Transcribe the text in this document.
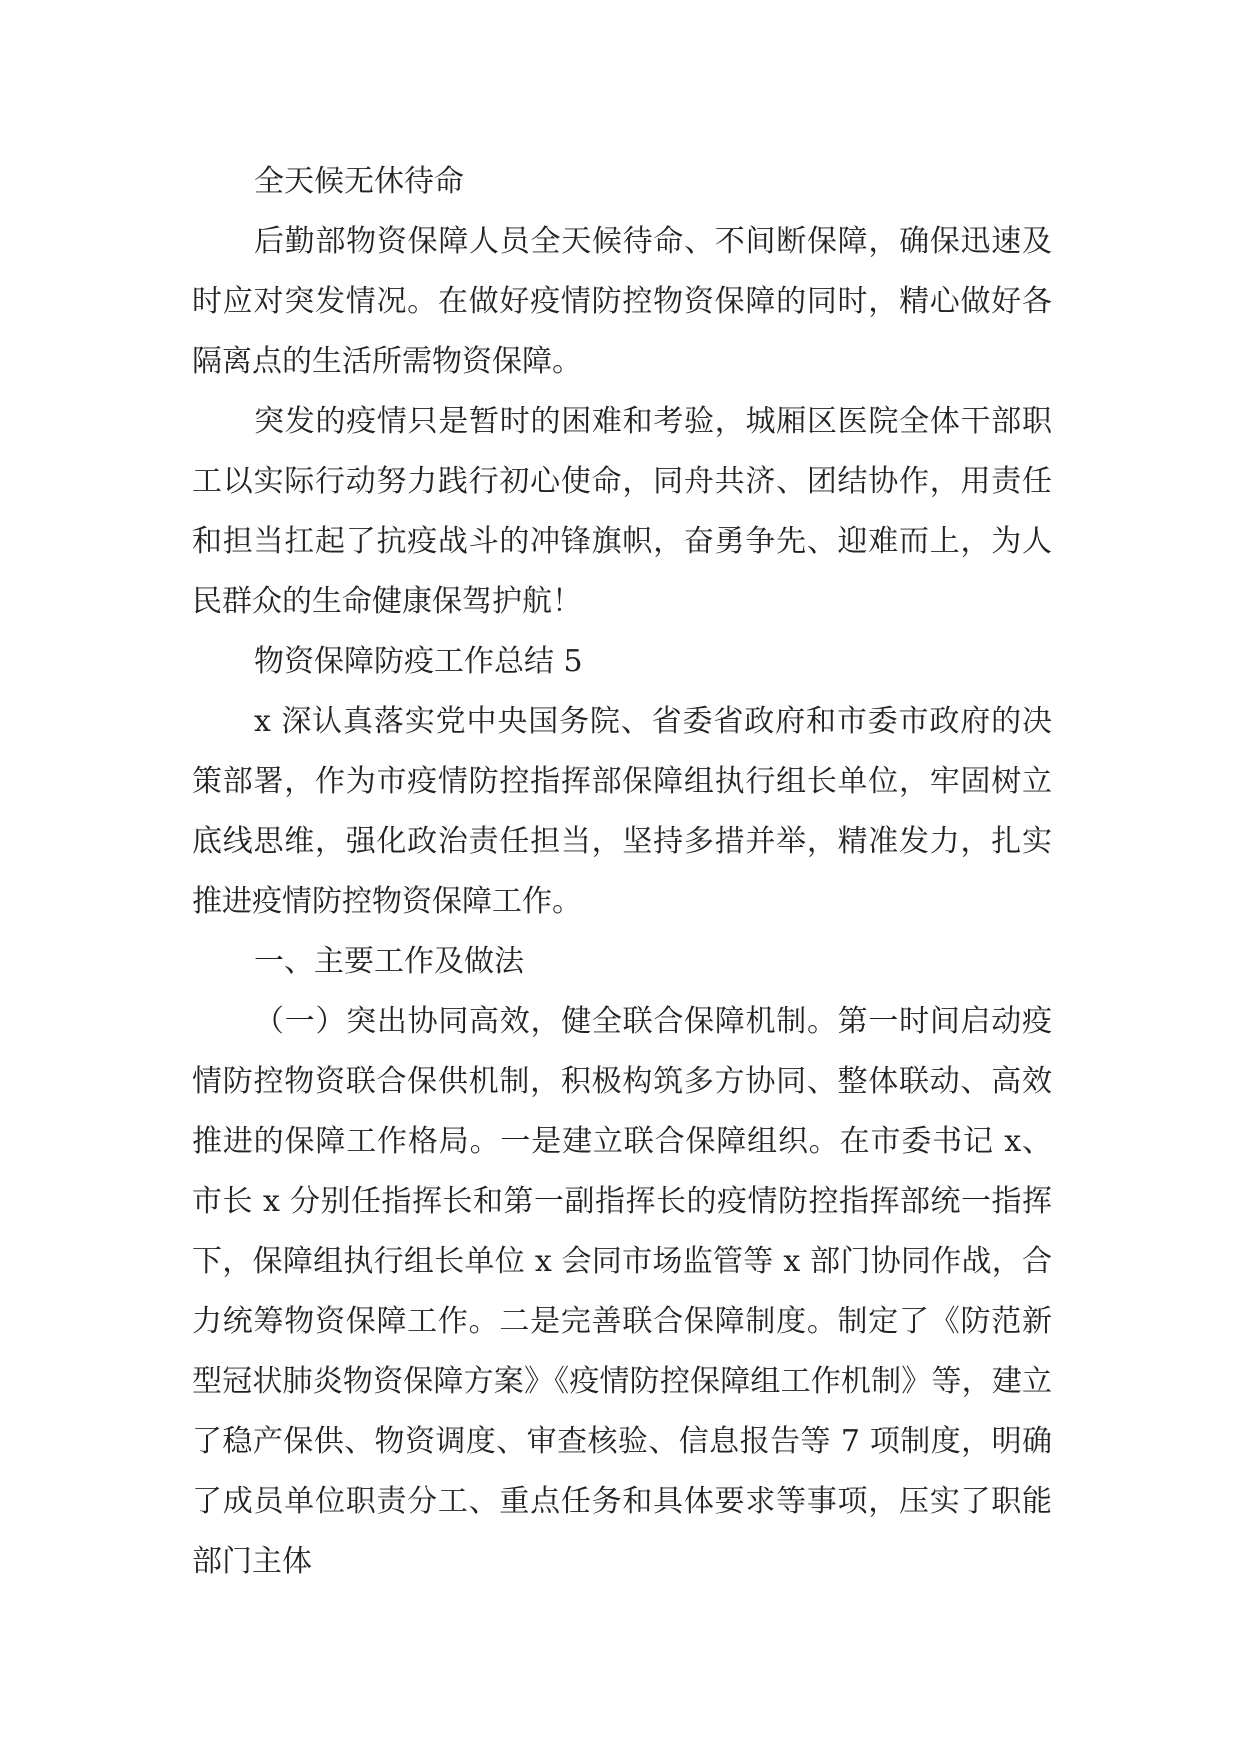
全天候无休待命

后勤部物资保障人员全天候待命、不间断保障，确保迅速及时应对突发情况。在做好疫情防控物资保障的同时，精心做好各隔离点的生活所需物资保障。

突发的疫情只是暂时的困难和考验，城厢区医院全体干部职工以实际行动努力践行初心使命，同舟共济、团结协作，用责任和担当扛起了抗疫战斗的冲锋旗帜，奋勇争先、迎难而上，为人民群众的生命健康保驾护航！

物资保障防疫工作总结 5

x 深认真落实党中央国务院、省委省政府和市委市政府的决策部署，作为市疫情防控指挥部保障组执行组长单位，牢固树立底线思维，强化政治责任担当，坚持多措并举，精准发力，扎实推进疫情防控物资保障工作。

一、主要工作及做法

（一）突出协同高效，健全联合保障机制。第一时间启动疫情防控物资联合保供机制，积极构筑多方协同、整体联动、高效推进的保障工作格局。一是建立联合保障组织。在市委书记 x、市长 x 分别任指挥长和第一副指挥长的疫情防控指挥部统一指挥下，保障组执行组长单位 x 会同市场监管等 x 部门协同作战，合力统筹物资保障工作。二是完善联合保障制度。制定了《防范新型冠状肺炎物资保障方案》《疫情防控保障组工作机制》等，建立了稳产保供、物资调度、审查核验、信息报告等 7 项制度，明确了成员单位职责分工、重点任务和具体要求等事项，压实了职能部门主体
